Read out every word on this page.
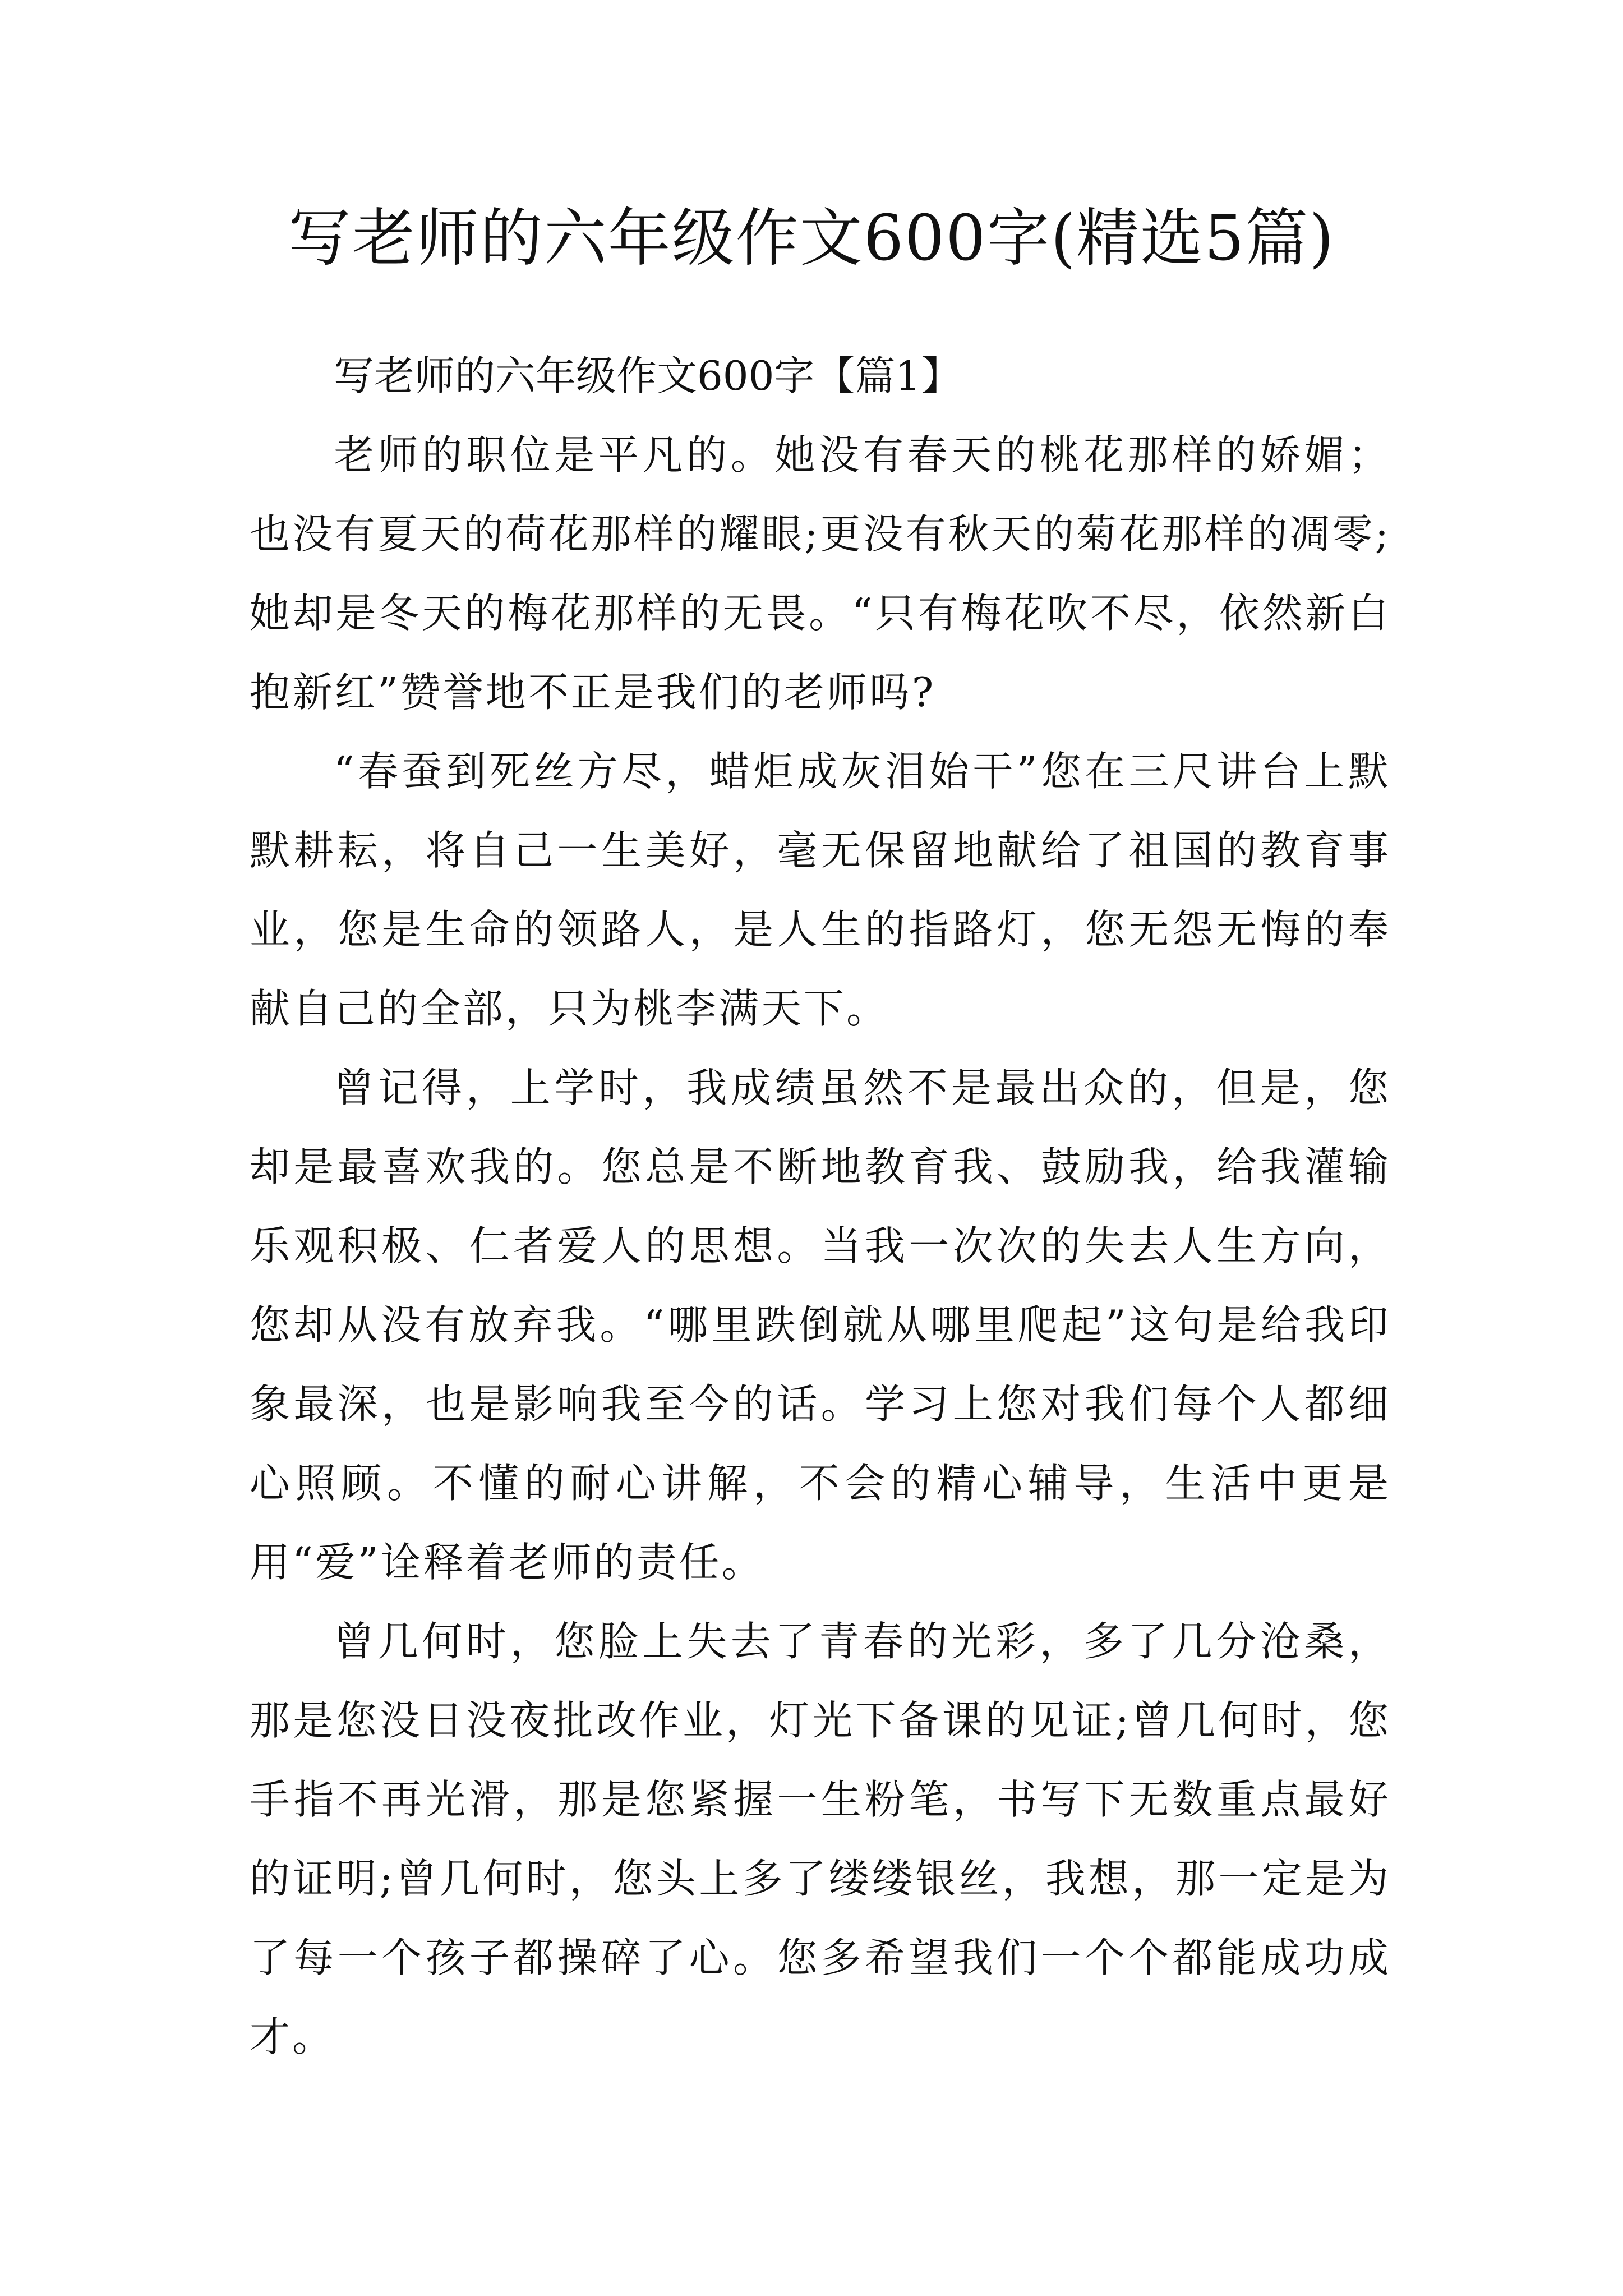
写老师的六年级作文600字(精选5篇)
写老师的六年级作文600字【篇1】

老师的职位是平凡的。她没有春天的桃花那样的娇媚；也没有夏天的荷花那样的耀眼;更没有秋天的菊花那样的凋零;她却是冬天的梅花那样的无畏。“只有梅花吹不尽，依然新白抱新红”赞誉地不正是我们的老师吗?

“春蚕到死丝方尽，蜡炬成灰泪始干”您在三尺讲台上默默耕耘，将自己一生美好，毫无保留地献给了祖国的教育事业，您是生命的领路人，是人生的指路灯，您无怨无悔的奉献自己的全部，只为桃李满天下。

曾记得，上学时，我成绩虽然不是最出众的，但是，您却是最喜欢我的。您总是不断地教育我、鼓励我，给我灌输乐观积极、仁者爱人的思想。当我一次次的失去人生方向，您却从没有放弃我。“哪里跌倒就从哪里爬起”这句是给我印象最深，也是影响我至今的话。学习上您对我们每个人都细心照顾。不懂的耐心讲解，不会的精心辅导，生活中更是用“爱”诠释着老师的责任。

曾几何时，您脸上失去了青春的光彩，多了几分沧桑，那是您没日没夜批改作业，灯光下备课的见证;曾几何时，您手指不再光滑，那是您紧握一生粉笔，书写下无数重点最好的证明;曾几何时，您头上多了缕缕银丝，我想，那一定是为了每一个孩子都操碎了心。您多希望我们一个个都能成功成才。
